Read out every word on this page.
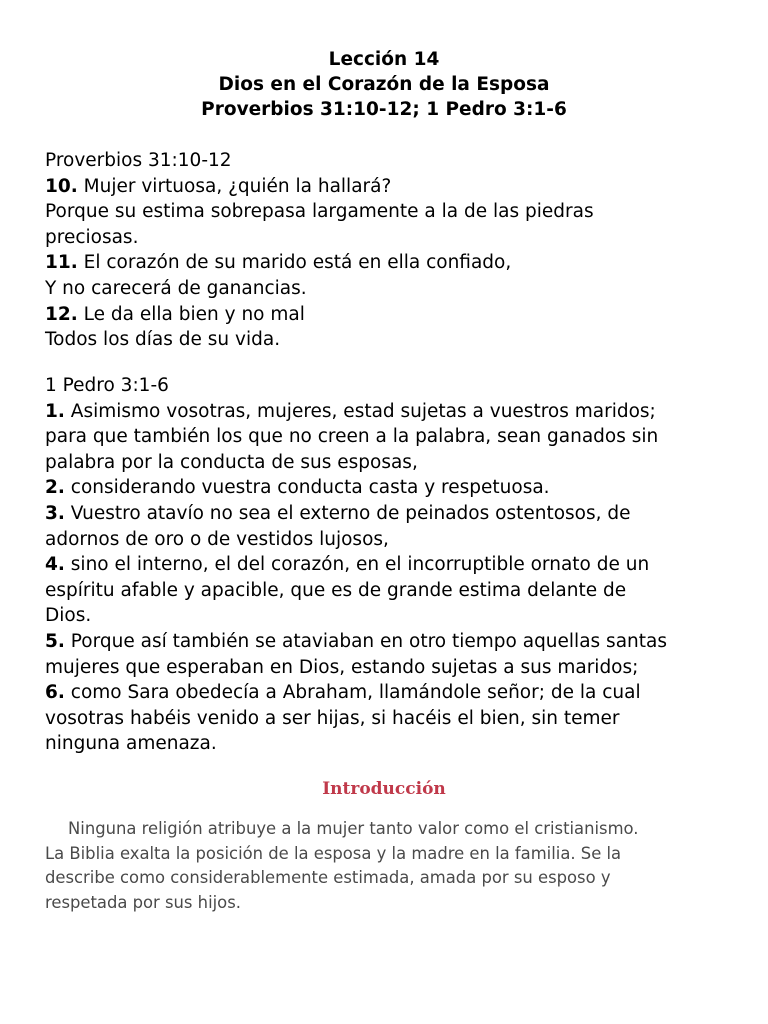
Lección 14
Dios en el Corazón de la Esposa
Proverbios 31:10-12; 1 Pedro 3:1-6
Proverbios 31:10-12
10. Mujer virtuosa, ¿quién la hallará?
Porque su estima sobrepasa largamente a la de las piedras
preciosas.
11. El corazón de su marido está en ella confiado,
Y no carecerá de ganancias.
12. Le da ella bien y no mal
Todos los días de su vida.
1 Pedro 3:1-6
1. Asimismo vosotras, mujeres, estad sujetas a vuestros maridos;
para que también los que no creen a la palabra, sean ganados sin
palabra por la conducta de sus esposas,
2. considerando vuestra conducta casta y respetuosa.
3. Vuestro atavío no sea el externo de peinados ostentosos, de
adornos de oro o de vestidos lujosos,
4. sino el interno, el del corazón, en el incorruptible ornato de un
espíritu afable y apacible, que es de grande estima delante de
Dios.
5. Porque así también se ataviaban en otro tiempo aquellas santas
mujeres que esperaban en Dios, estando sujetas a sus maridos;
6. como Sara obedecía a Abraham, llamándole señor; de la cual
vosotras habéis venido a ser hijas, si hacéis el bien, sin temer
ninguna amenaza.
Introducción
Ninguna religión atribuye a la mujer tanto valor como el cristianismo.
La Biblia exalta la posición de la esposa y la madre en la familia. Se la
describe como considerablemente estimada, amada por su esposo y
respetada por sus hijos.
